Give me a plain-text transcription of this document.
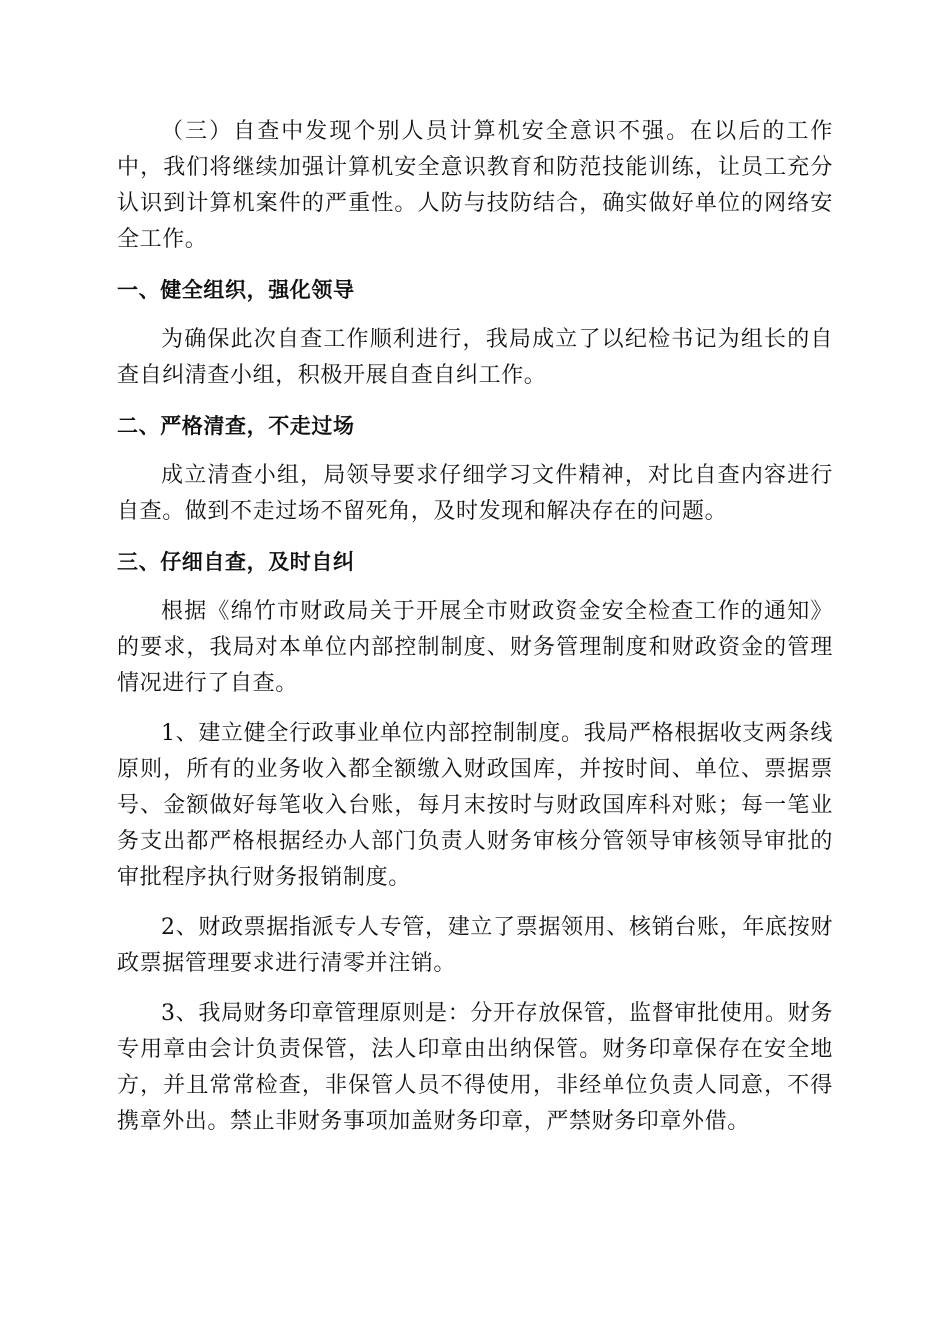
（三）自查中发现个别人员计算机安全意识不强。在以后的工作中，我们将继续加强计算机安全意识教育和防范技能训练，让员工充分认识到计算机案件的严重性。人防与技防结合，确实做好单位的网络安全工作。

一、健全组织，强化领导

为确保此次自查工作顺利进行，我局成立了以纪检书记为组长的自查自纠清查小组，积极开展自查自纠工作。

二、严格清查，不走过场

成立清查小组，局领导要求仔细学习文件精神，对比自查内容进行自查。做到不走过场不留死角，及时发现和解决存在的问题。

三、仔细自查，及时自纠

根据《绵竹市财政局关于开展全市财政资金安全检查工作的通知》的要求，我局对本单位内部控制制度、财务管理制度和财政资金的管理情况进行了自查。

1、建立健全行政事业单位内部控制制度。我局严格根据收支两条线原则，所有的业务收入都全额缴入财政国库，并按时间、单位、票据票号、金额做好每笔收入台账，每月末按时与财政国库科对账；每一笔业务支出都严格根据经办人部门负责人财务审核分管领导审核领导审批的审批程序执行财务报销制度。

2、财政票据指派专人专管，建立了票据领用、核销台账，年底按财政票据管理要求进行清零并注销。

3、我局财务印章管理原则是：分开存放保管，监督审批使用。财务专用章由会计负责保管，法人印章由出纳保管。财务印章保存在安全地方，并且常常检查，非保管人员不得使用，非经单位负责人同意，不得携章外出。禁止非财务事项加盖财务印章，严禁财务印章外借。
